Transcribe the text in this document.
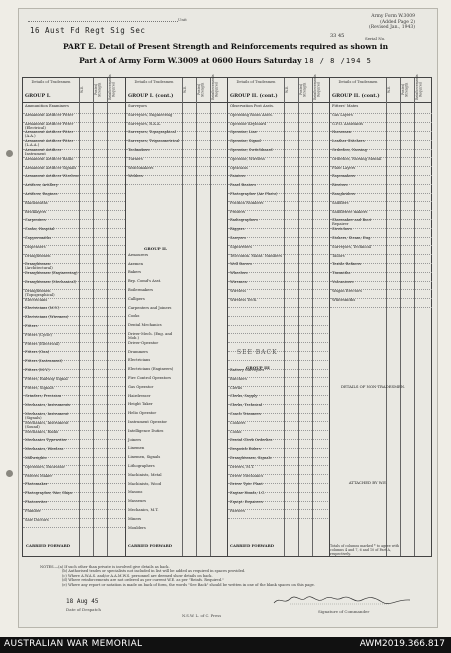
16 Aust Fd Regt Sig Sec
Unit
Army Form W.3009
(Added Page 2)
(Revised Jan., 1943)
33 45	Serial No.
PART E. Detail of Present Strength and Reinforcements required as shown in
Part A of Army Form W.3009 at 0600 Hours Saturday 18 / 8 /194 5
Details of Tradesmen
GROUP I.
W.E.	Posted Strength	Reinforcements Required
Ammunition Examiners
Armament Artificer Fitter
Armament Artificer Fitter (Electrical)
Armament Artificer Fitter (A.A.)
Armament Artificer Fitter (L.A.A.)
Armament Artificer Instrument
Armament Artificer Radio
Armament Artificer Signals
Armament Artificer Wireless
Artificer, Artillery
Artificer, Engines
Blacksmiths
Bricklayers
Carpenters
Cooks, Hospital
Coppersmiths
Dispensers
Draughtsmen
Draughtsmen (Architectural)
Draughtsmen (Engineering)
Draughtsmen (Mechanical)
Draughtsmen (Topographical)
Electricians
Electricians (M.V.)
Electricians (Wiremen)
Fitters
Fitters (Cycle)
Fitters (Electrical)
Fitters (Gun)
Fitters (Instrument)
Fitters (M.V.)
Fitters, Railway Signal
Fitters, Signals
Grinders, Precision
Mechanics, Instruments
Mechanics, Instrument (Signals)
Mechanics, Instrument (Sound)
Mechanics, Radio
Mechanics Typewriter
Mechanics, Wireless
Millwrights
Operators, Excavator
Pattern Maker
Photomaker
Photographer, War, Ships
Photowriter
Plumber
Saw Doctors
Details of Tradesmen
GROUP I. (cont.)
W.E.	Posted Strength	Reinforcements Required
Surveyors
Surveyors, Engineering
Surveyors, R.A.A.
Surveyors, Topographical
Surveyors, Trigonometrical
Toolmakers
Turners
Watchmakers
Welders
GROUP II.
Armourers
Axemen
Bakers
Brp. Comd's Asst.
Boilermakers
Callipers
Carpenters and Joiners
Cooks
Dental Mechanics
Driver-Mech. (Eng. and Mob.)
Driver-Operator
Drummers
Electricians
Electricians (Engineers)
Fire Control Operators
Gas Operator
Hairdresser
Height Taker
Helio Operator
Instrument Operator
Intelligence Duties
Joiners
Linemen
Linemen, Signals
Lithographers
Machinists, Metal
Machinists, Wood
Masons
Masseurs
Mechanics, M.T.
Miners
Moulders
Details of Tradesmen
GROUP II. (cont.)
W.E.	Posted Strength	Reinforcements Required
Observation Post Assts.
Operating Room Assts.
Operator Keyboard
Operator, Line
Operator, Signal
Operator, Switchboard
Operator, Wireless
Opticians
Painters
Panel Beaters
Photographer (Air Photo)
Position Numbers
Printers
Radiographers
Riggers
Sawyers
Signwriters
Telecomm. Maint. Numbers
Well Borers
Wheelers
Wiremen
Wireless
Wireless Tech.
Battery Surveyors
Butchers
Clerks
Clerks, Supply
Clerks, Technical
Coach Trimmers
Cookers
Cooks
Dental Clerk Orderlies
Despatch Riders
Draughtsmen, Signals
Drivers, M.T.
Driver Mechanics
Driver Tptr. Plant
Engine Hands, I.C.
Equipt. Repairers
Farriers
GROUP III
Details of Tradesmen
GROUP II. (cont.)
W.E.	Posted Strength	Reinforcements Required
Fitters' Mates
Gas Layers
G.P.O. Assistants
Horsemen
Leather Stitchers
Orderlies, Nursing
Orderlies, Nursing Mental
Plate Layers
Ropemakers
Riveters
Roughriders
Saddlers
Saddletree makers
Shoemaker and Boot Repairer
Stretchers
Stokers, Steam, Eng.
Surveyors, Technical
Tailors
Textile Refiners
Tinsmiths
Vulcanisers
Wagon Erectors
Whitesmiths
SEE BACK
DETAILS OF NON-TRADESMEN.
ATTACHED BY W.E.
CARRIED FORWARD	CARRIED FORWARD	CARRIED FORWARD	Totals of columns marked * to agree with columns 4 and 7, 6 and 10 of Part A, respectively.
NOTES.—(a) If such other than private is involved give details as back.
(b) Authorised trades or specialists not included in list will be added as required in spaces provided.
(c) Where A.W.A.S. and/or A.A.M.W.S. personnel are deemed show details on back.
(d) Where reinforcements are not ordered as per current W.E. as per "Reinfs. Required."
(e) Where any report or notation is made on back of form, the words "See Back" should be written in one of the blank spaces on this page.
18 Aug 45
Date of Despatch
N.S.W. L. of C. Press
Signature of Commander
AUSTRALIAN WAR MEMORIAL	AWM2019.366.817
